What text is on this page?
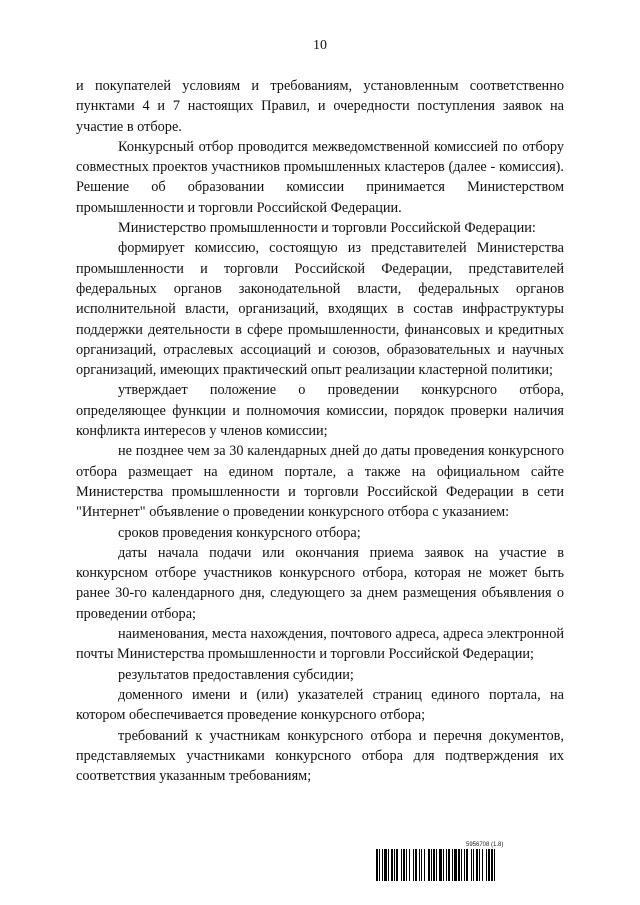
10

и покупателей условиям и требованиям, установленным соответственно пунктами 4 и 7 настоящих Правил, и очередности поступления заявок на участие в отборе.

Конкурсный отбор проводится межведомственной комиссией по отбору совместных проектов участников промышленных кластеров (далее - комиссия). Решение об образовании комиссии принимается Министерством промышленности и торговли Российской Федерации.

Министерство промышленности и торговли Российской Федерации:

формирует комиссию, состоящую из представителей Министерства промышленности и торговли Российской Федерации, представителей федеральных органов законодательной власти, федеральных органов исполнительной власти, организаций, входящих в состав инфраструктуры поддержки деятельности в сфере промышленности, финансовых и кредитных организаций, отраслевых ассоциаций и союзов, образовательных и научных организаций, имеющих практический опыт реализации кластерной политики;

утверждает положение о проведении конкурсного отбора, определяющее функции и полномочия комиссии, порядок проверки наличия конфликта интересов у членов комиссии;

не позднее чем за 30 календарных дней до даты проведения конкурсного отбора размещает на едином портале, а также на официальном сайте Министерства промышленности и торговли Российской Федерации в сети "Интернет" объявление о проведении конкурсного отбора с указанием:

сроков проведения конкурсного отбора;

даты начала подачи или окончания приема заявок на участие в конкурсном отборе участников конкурсного отбора, которая не может быть ранее 30-го календарного дня, следующего за днем размещения объявления о проведении отбора;

наименования, места нахождения, почтового адреса, адреса электронной почты Министерства промышленности и торговли Российской Федерации;

результатов предоставления субсидии;

доменного имени и (или) указателей страниц единого портала, на котором обеспечивается проведение конкурсного отбора;

требований к участникам конкурсного отбора и перечня документов, представляемых участниками конкурсного отбора для подтверждения их соответствия указанным требованиям;

5956708 (1.8)
